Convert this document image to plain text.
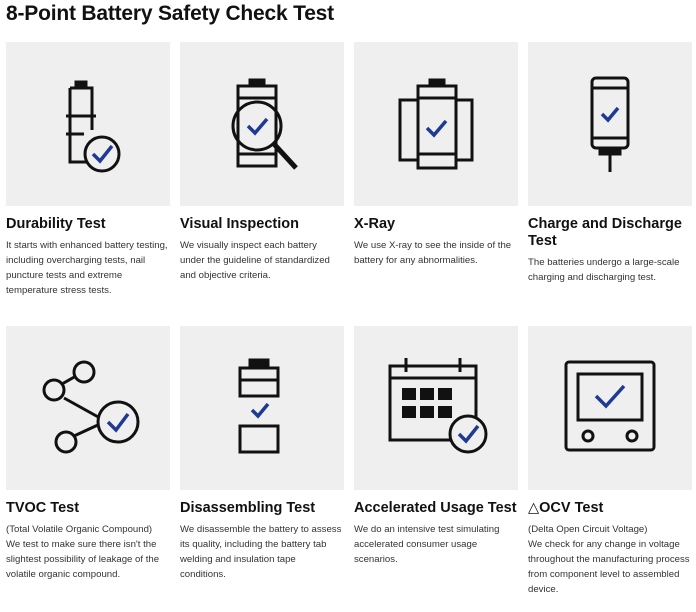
8-Point Battery Safety Check Test
Durability Test

It starts with enhanced battery testing, including overcharging tests, nail puncture tests and extreme temperature stress tests.

Visual Inspection

We visually inspect each battery under the guideline of standardized and objective criteria.

X-Ray

We use X-ray to see the inside of the battery for any abnormalities.

Charge and Discharge Test

The batteries undergo a large-scale charging and discharging test.

TVOC Test

(Total Volatile Organic Compound)
We test to make sure there isn't the slightest possibility of leakage of the volatile organic compound.

Disassembling Test

We disassemble the battery to assess its quality, including the battery tab welding and insulation tape conditions.

Accelerated Usage Test

We do an intensive test simulating accelerated consumer usage scenarios.

△OCV Test

(Delta Open Circuit Voltage)
We check for any change in voltage throughout the manufacturing process from component level to assembled device.
